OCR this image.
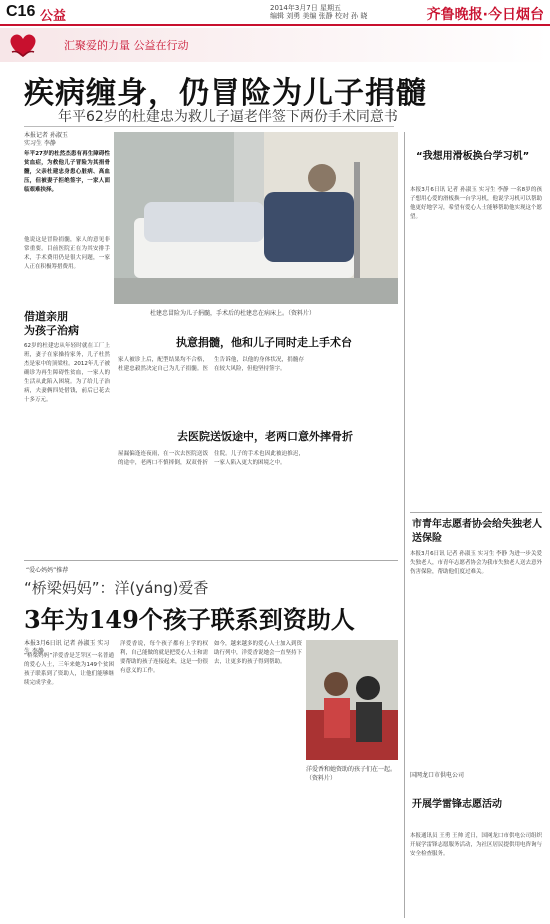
C16 公益
2014年3月7日 星期五
编辑 刘勇 美编 张静 校对 孙 晓	齐鲁晚报·今日烟台
汇聚爱的力量 公益在行动
疾病缠身，仍冒险为儿子捐髓
年平62岁的杜建忠为救儿子逼老伴签下两份手术同意书
本报记者 孙淑玉
实习生 李静
年平27岁的杜然杰患有再生障碍性贫血症，为救他儿子冒险为其捐骨髓，父亲杜建忠身患心脏病、高血压，但被妻子拒绝签字，一家人面临艰难抉择。
他说这是冒险捐髓，家人的意见非常重要。目前医院正在为其安排手术，手术费用仍是很大问题，一家人正在积极筹措费用。
借道亲朋
为孩子治病
62岁的杜建忠从年轻时就在工厂上班，妻子在家操持家务，儿子杜然杰是家中的顶梁柱。2012年儿子被确诊为再生障碍性贫血，一家人的生活从此陷入困境。为了给儿子治病，夫妻俩四处借钱，前后已花去十多万元。
杜建忠冒险为儿子捐髓，手术后的杜建忠在病床上。（资料片）
执意捐髓，他和儿子同时走上手术台
家人被诊上后，配型结果均不合格，杜建忠毅然决定自己为儿子捐髓。医生告诉他，以他的身体状况，捐髓存在较大风险，但他坚持签字。
去医院送饭途中，老两口意外摔骨折
屋漏偏逢连夜雨，在一次去医院送饭的途中，老两口不慎摔倒，双双骨折住院。儿子的手术也因此被迫推迟，一家人陷入更大的困境之中。
“我想用滑板换台学习机”
本报3月6日讯 记者 孙淑玉 实习生 李静 一名8岁的孩子想用心爱的滑板换一台学习机，他说学习机可以帮助他更好地学习，希望有爱心人士能够帮助他实现这个愿望。
市青年志愿者协会给失独老人送保险
本报3月6日讯 记者 孙淑玉 实习生 李静 为进一步关爱失独老人，市青年志愿者协会为我市失独老人送去意外伤害保险，帮助他们度过难关。
国网龙口市供电公司
开展学雷锋志愿活动
本报通讯员 王勇 王帅 近日，国网龙口市供电公司组织开展学雷锋志愿服务活动，为社区居民提供用电咨询与安全检查服务。
“爱心妈妈”推荐
“桥梁妈妈”：洋(yáng)爱香
3年为149个孩子联系到资助人
本报3月6日讯 记者 孙淑玉 实习生 李静
“桥梁妈妈”洋爱香是芝罘区一名普通的爱心人士，三年来她为149个贫困孩子联系到了资助人，让他们能够继续完成学业。
洋爱香说，每个孩子都有上学的权利，自己能做的就是把爱心人士和需要帮助的孩子连接起来，这是一份很有意义的工作。
如今，越来越多的爱心人士加入到资助行列中，洋爱香说她会一直坚持下去，让更多的孩子得到帮助。
洋爱香和她资助的孩子们在一起。（资料片）
